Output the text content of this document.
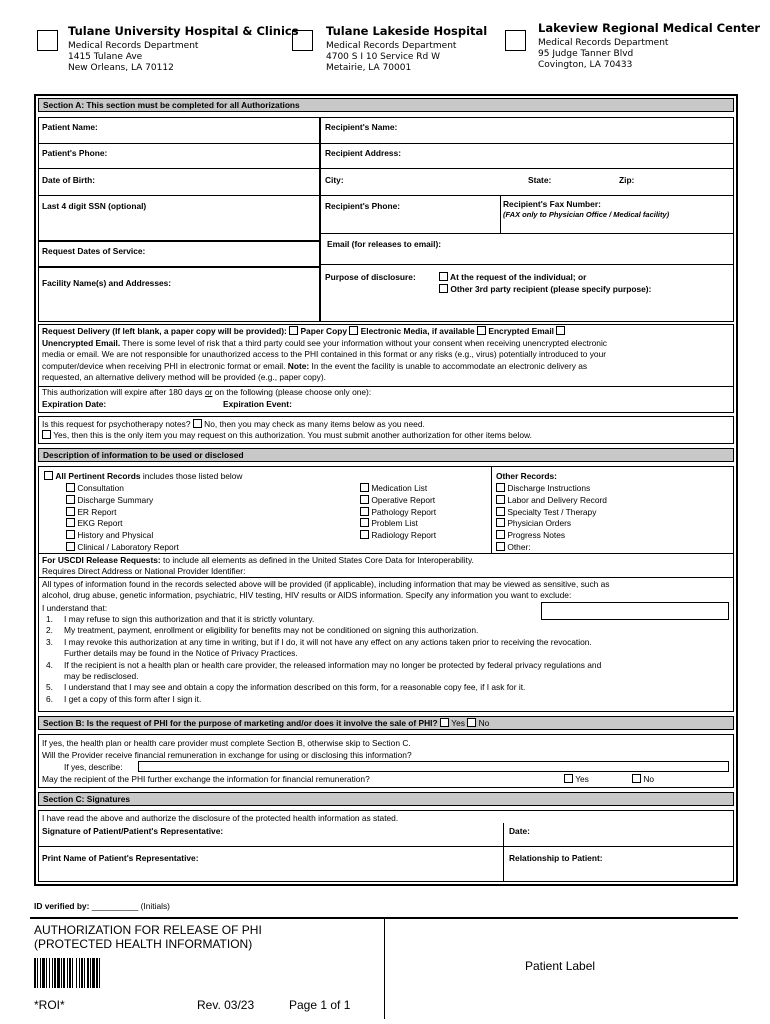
Tulane University Hospital & Clinics
Medical Records Department
1415 Tulane Ave
New Orleans, LA 70112
Tulane Lakeside Hospital
Medical Records Department
4700 S I 10 Service Rd W
Metairie, LA 70001
Lakeview Regional Medical Center
Medical Records Department
95 Judge Tanner Blvd
Covington, LA 70433
Section A: This section must be completed for all Authorizations
Patient Name:	Recipient's Name:
Patient's Phone:	Recipient Address:
Date of Birth:	City:	State:	Zip:
Last 4 digit SSN (optional)	Recipient's Phone:	Recipient's Fax Number:
(FAX only to Physician Office / Medical facility)
Email (for releases to email):
Request Dates of Service:
Facility Name(s) and Addresses:
Purpose of disclosure:	At the request of the individual; or
Other 3rd party recipient (please specify purpose):
Request Delivery (If left blank, a paper copy will be provided): Paper Copy Electronic Media, if available Encrypted Email
Unencrypted Email. There is some level of risk that a third party could see your information without your consent when receiving unencrypted electronic
media or email. We are not responsible for unauthorized access to the PHI contained in this format or any risks (e.g., virus) potentially introduced to your
computer/device when receiving PHI in electronic format or email. Note: In the event the facility is unable to accommodate an electronic delivery as
requested, an alternative delivery method will be provided (e.g., paper copy).
This authorization will expire after 180 days or on the following (please choose only one):
Expiration Date:	Expiration Event:
Is this request for psychotherapy notes? No, then you may check as many items below as you need.
Yes, then this is the only item you may request on this authorization. You must submit another authorization for other items below.
Description of information to be used or disclosed
All Pertinent Records includes those listed below
Consultation
Discharge Summary
ER Report
EKG Report
History and Physical
Clinical / Laboratory Report
Medication List
Operative Report
Pathology Report
Problem List
Radiology Report
Other Records:
Discharge Instructions
Labor and Delivery Record
Specialty Test / Therapy
Physician Orders
Progress Notes
Other:
For USCDI Release Requests: to include all elements as defined in the United States Core Data for Interoperability.
Requires Direct Address or National Provider Identifier:
All types of information found in the records selected above will be provided (if applicable), including information that may be viewed as sensitive, such as
alcohol, drug abuse, genetic information, psychiatric, HIV testing, HIV results or AIDS information. Specify any information you want to exclude:
I understand that:
1. I may refuse to sign this authorization and that it is strictly voluntary.
2. My treatment, payment, enrollment or eligibility for benefits may not be conditioned on signing this authorization.
3. I may revoke this authorization at any time in writing, but if I do, it will not have any effect on any actions taken prior to receiving the revocation.
Further details may be found in the Notice of Privacy Practices.
4. If the recipient is not a health plan or health care provider, the released information may no longer be protected by federal privacy regulations and
may be redisclosed.
5. I understand that I may see and obtain a copy the information described on this form, for a reasonable copy fee, if I ask for it.
6. I get a copy of this form after I sign it.
Section B: Is the request of PHI for the purpose of marketing and/or does it involve the sale of PHI? Yes No
If yes, the health plan or health care provider must complete Section B, otherwise skip to Section C.
Will the Provider receive financial remuneration in exchange for using or disclosing this information?
If yes, describe:
May the recipient of the PHI further exchange the information for financial remuneration?	Yes	No
Section C: Signatures
I have read the above and authorize the disclosure of the protected health information as stated.
Signature of Patient/Patient's Representative:	Date:
Print Name of Patient's Representative:	Relationship to Patient:
ID verified by: __________ (Initials)
AUTHORIZATION FOR RELEASE OF PHI
(PROTECTED HEALTH INFORMATION)
*ROI*	Rev. 03/23	Page 1 of 1
Patient Label
